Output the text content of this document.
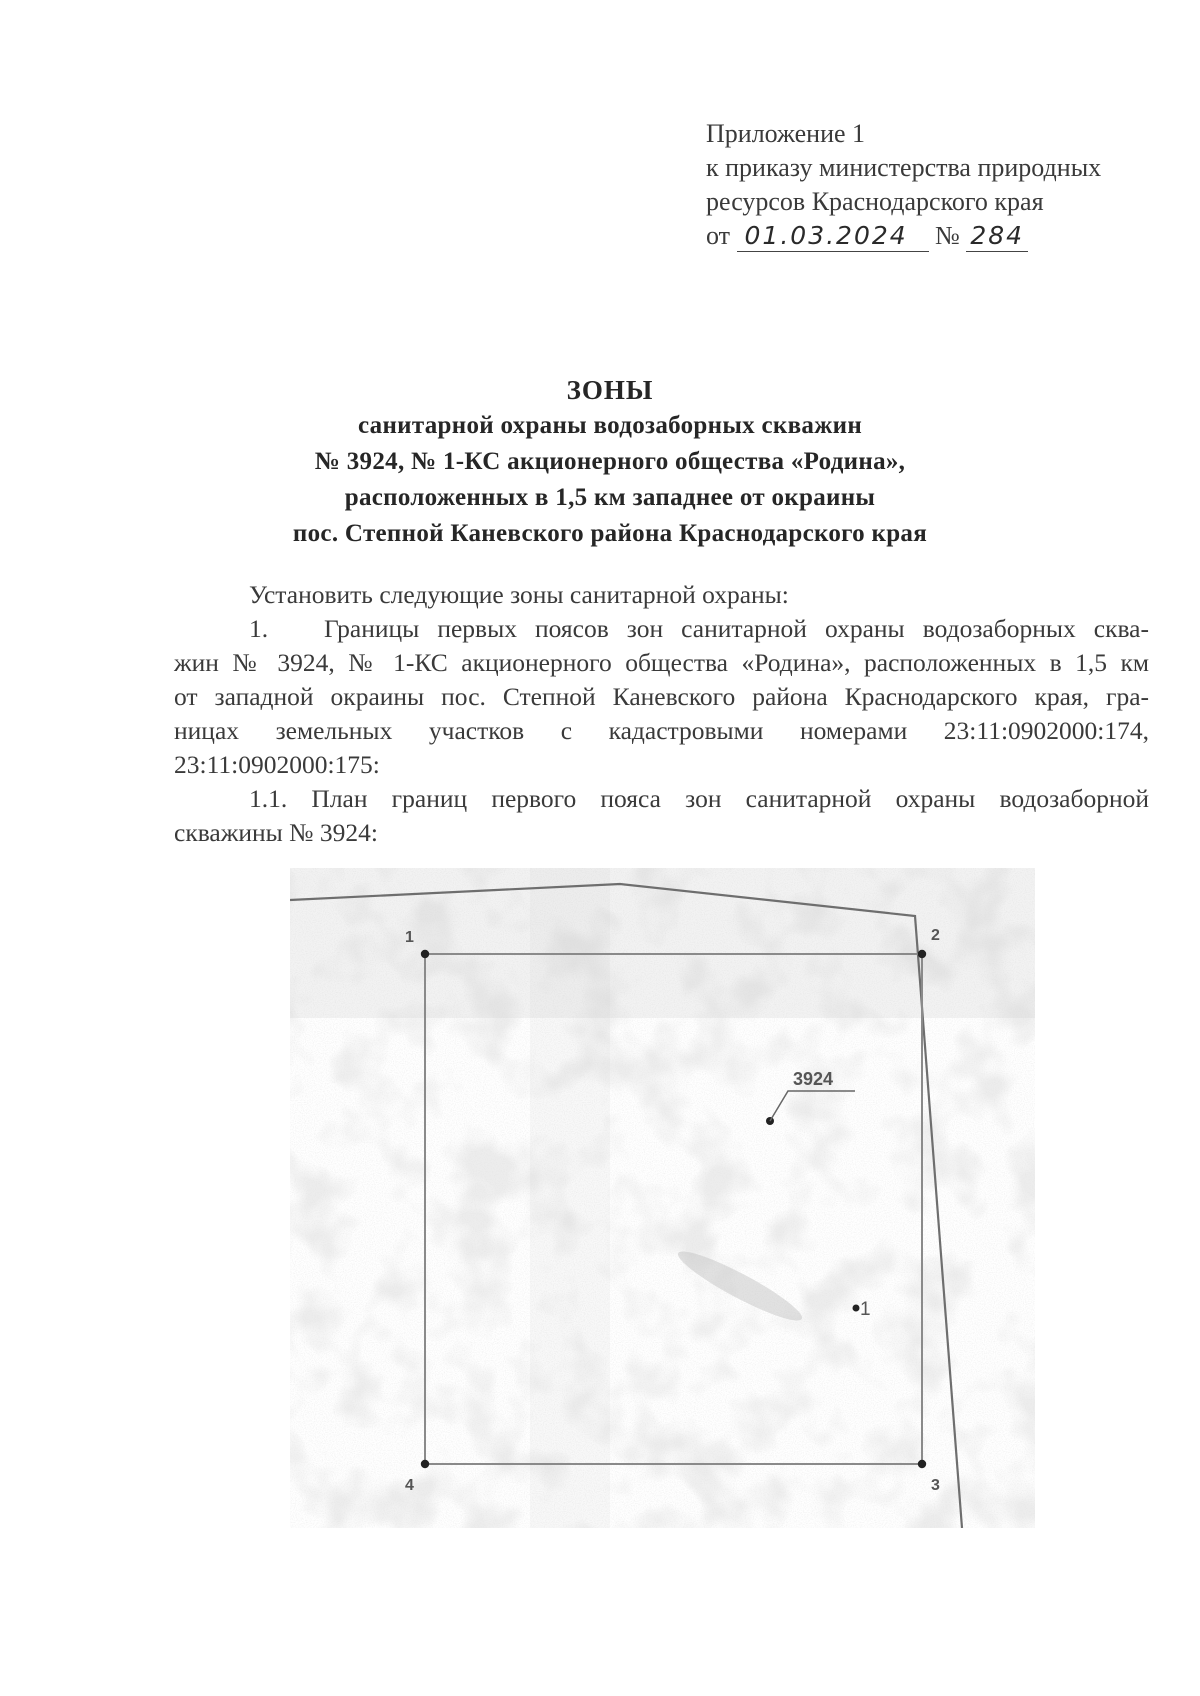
Приложение 1
к приказу министерства природных
ресурсов Краснодарского края
от 01.03.2024 № 284
ЗОНЫ
санитарной охраны водозаборных скважин
№ 3924, № 1-КС акционерного общества «Родина»,
расположенных в 1,5 км западнее от окраины
пос. Степной Каневского района Краснодарского края

Установить следующие зоны санитарной охраны:

1.	Границы первых поясов зон санитарной охраны водозаборных сква-

жин № 3924, № 1-КС акционерного общества «Родина», расположенных в 1,5 км

от западной окраины пос. Степной Каневского района Краснодарского края, гра-

ницах земельных участков с кадастровыми номерами 23:11:0902000:174,

23:11:0902000:175:

1.1. План границ первого пояса зон санитарной охраны водозаборной

скважины № 3924:

1	2
3
4
3924
1
